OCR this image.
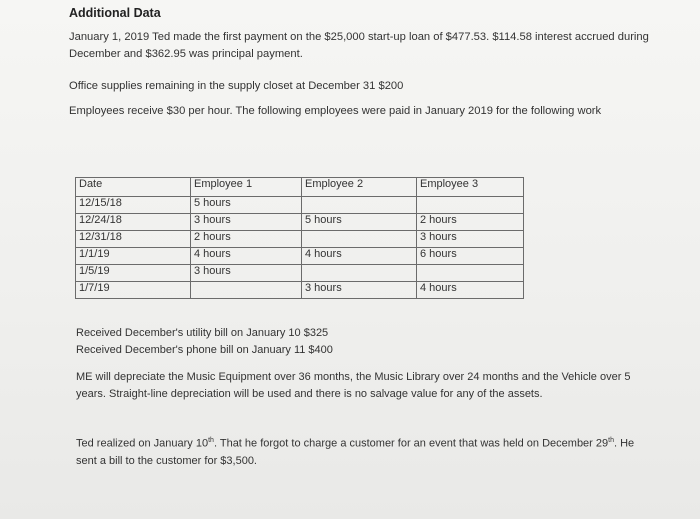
Additional Data
January 1, 2019 Ted made the first payment on the $25,000 start-up loan of $477.53. $114.58 interest accrued during December and $362.95 was principal payment.
Office supplies remaining in the supply closet at December 31 $200
Employees receive $30 per hour. The following employees were paid in January 2019 for the following work
Date	Employee 1	Employee 2	Employee 3
12/15/18	5 hours		
12/24/18	3 hours	5 hours	2 hours
12/31/18	2 hours		3 hours
1/1/19	4 hours	4 hours	6 hours
1/5/19	3 hours		
1/7/19		3 hours	4 hours
Received December's utility bill on January 10 $325
Received December's phone bill on January 11 $400
ME will depreciate the Music Equipment over 36 months, the Music Library over 24 months and the Vehicle over 5 years. Straight-line depreciation will be used and there is no salvage value for any of the assets.
Ted realized on January 10th. That he forgot to charge a customer for an event that was held on December 29th. He sent a bill to the customer for $3,500.
